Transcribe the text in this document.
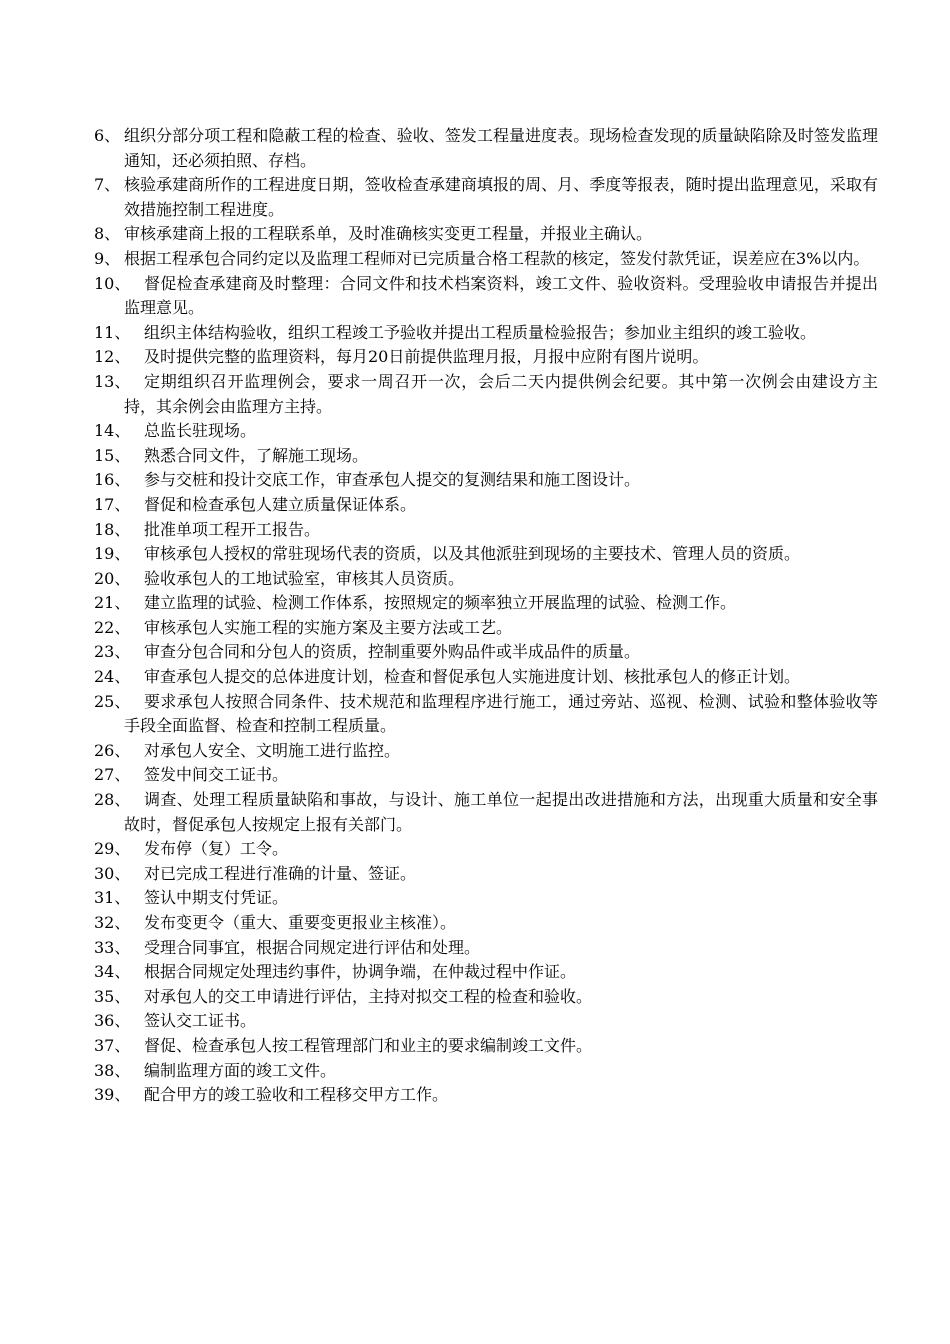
6、 组织分部分项工程和隐蔽工程的检查、验收、签发工程量进度表。现场检查发现的质量缺陷除及时签发监理通知，还必须拍照、存档。
7、 核验承建商所作的工程进度日期，签收检查承建商填报的周、月、季度等报表，随时提出监理意见，采取有效措施控制工程进度。
8、 审核承建商上报的工程联系单，及时准确核实变更工程量，并报业主确认。
9、 根据工程承包合同约定以及监理工程师对已完质量合格工程款的核定，签发付款凭证，误差应在3%以内。
10、 督促检查承建商及时整理：合同文件和技术档案资料，竣工文件、验收资料。受理验收申请报告并提出监理意见。
11、 组织主体结构验收，组织工程竣工予验收并提出工程质量检验报告；参加业主组织的竣工验收。
12、 及时提供完整的监理资料，每月20日前提供监理月报，月报中应附有图片说明。
13、 定期组织召开监理例会，要求一周召开一次，会后二天内提供例会纪要。其中第一次例会由建设方主持，其余例会由监理方主持。
14、 总监长驻现场。
15、 熟悉合同文件，了解施工现场。
16、 参与交桩和投计交底工作，审查承包人提交的复测结果和施工图设计。
17、 督促和检查承包人建立质量保证体系。
18、 批准单项工程开工报告。
19、 审核承包人授权的常驻现场代表的资质，以及其他派驻到现场的主要技术、管理人员的资质。
20、 验收承包人的工地试验室，审核其人员资质。
21、 建立监理的试验、检测工作体系，按照规定的频率独立开展监理的试验、检测工作。
22、 审核承包人实施工程的实施方案及主要方法或工艺。
23、 审查分包合同和分包人的资质，控制重要外购品件或半成品件的质量。
24、 审查承包人提交的总体进度计划，检查和督促承包人实施进度计划、核批承包人的修正计划。
25、 要求承包人按照合同条件、技术规范和监理程序进行施工，通过旁站、巡视、检测、试验和整体验收等手段全面监督、检查和控制工程质量。
26、 对承包人安全、文明施工进行监控。
27、 签发中间交工证书。
28、 调查、处理工程质量缺陷和事故，与设计、施工单位一起提出改进措施和方法，出现重大质量和安全事故时，督促承包人按规定上报有关部门。
29、 发布停（复）工令。
30、 对已完成工程进行准确的计量、签证。
31、 签认中期支付凭证。
32、 发布变更令（重大、重要变更报业主核准）。
33、 受理合同事宜，根据合同规定进行评估和处理。
34、 根据合同规定处理违约事件，协调争端，在仲裁过程中作证。
35、 对承包人的交工申请进行评估，主持对拟交工程的检查和验收。
36、 签认交工证书。
37、 督促、检查承包人按工程管理部门和业主的要求编制竣工文件。
38、 编制监理方面的竣工文件。
39、 配合甲方的竣工验收和工程移交甲方工作。
